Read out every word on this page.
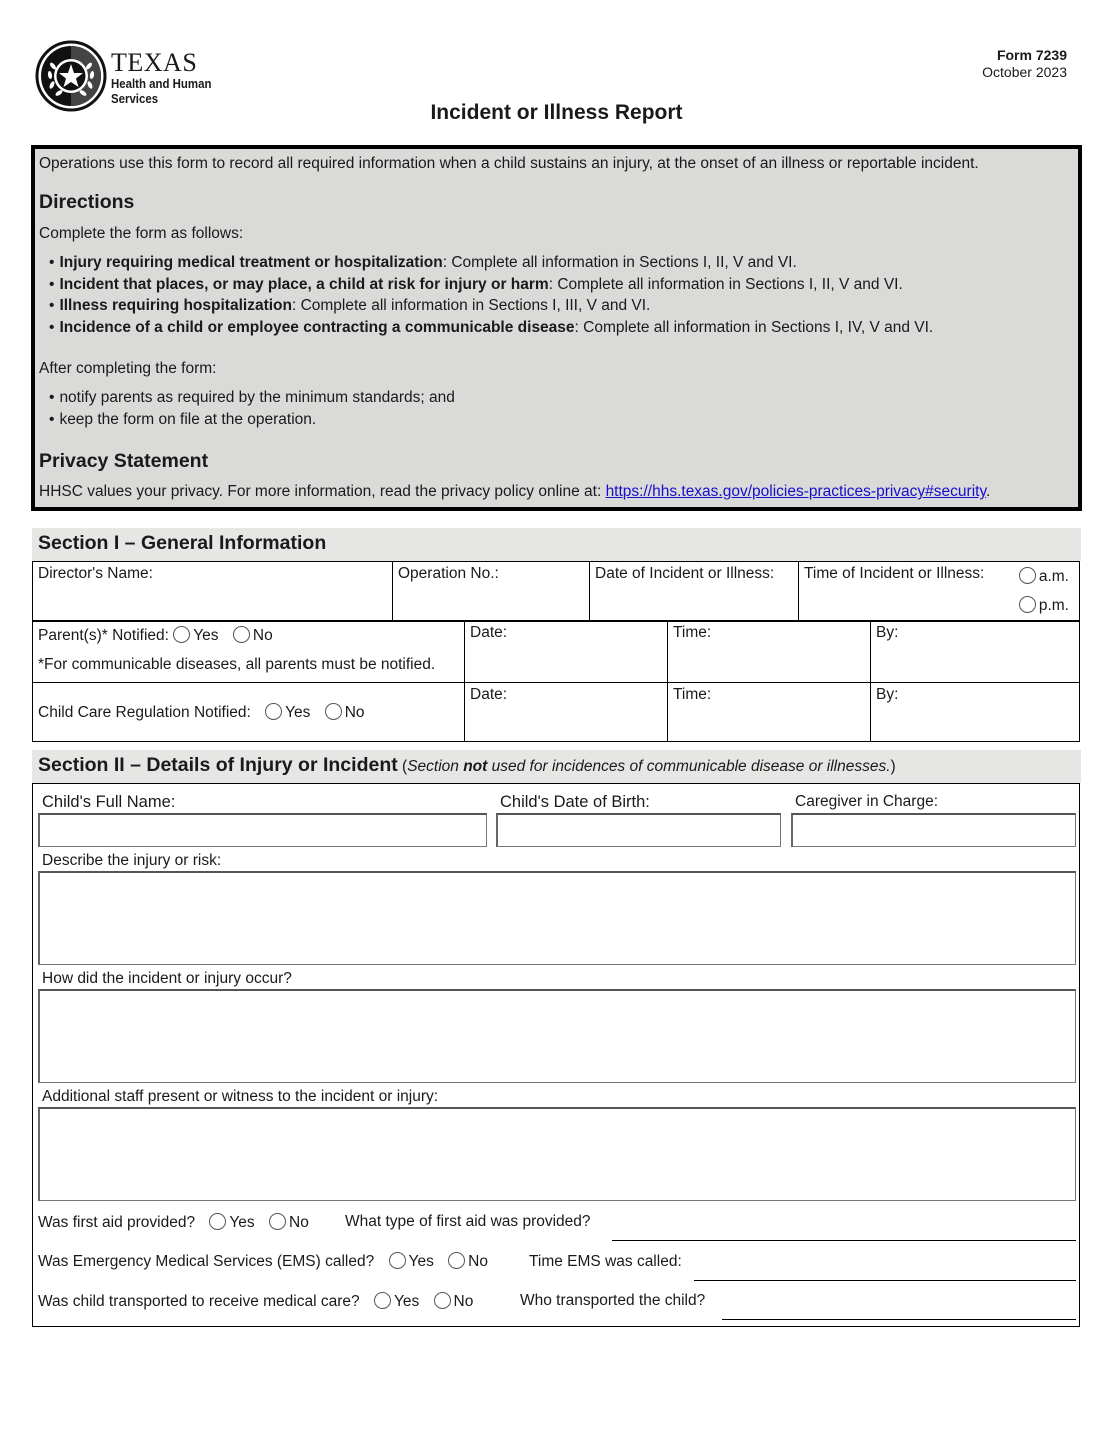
TEXAS
Health and Human
Services
Form 7239
October 2023
Incident or Illness Report

Operations use this form to record all required information when a child sustains an injury, at the onset of an illness or reportable incident.

Directions

Complete the form as follows:

• Injury requiring medical treatment or hospitalization: Complete all information in Sections I, II, V and VI.
• Incident that places, or may place, a child at risk for injury or harm: Complete all information in Sections I, II, V and VI.
• Illness requiring hospitalization: Complete all information in Sections I, III, V and VI.
• Incidence of a child or employee contracting a communicable disease: Complete all information in Sections I, IV, V and VI.

After completing the form:

• notify parents as required by the minimum standards; and
• keep the form on file at the operation.
Privacy Statement

HHSC values your privacy. For more information, read the privacy policy online at: https://hhs.texas.gov/policies-practices-privacy#security.

Section I – General Information
Director's Name:	Operation No.:	Date of Incident or Illness:	Time of Incident or Illness:	a.m.
p.m.
Parent(s)* Notified: Yes No
*For communicable diseases, all parents must be notified.	Date:	Time:	By:
Child Care Regulation Notified: Yes No	Date:	Time:	By:
Section II – Details of Injury or Incident (Section not used for incidences of communicable disease or illnesses.)
Child's Full Name:	Child's Date of Birth:	Caregiver in Charge:
Describe the injury or risk:
How did the incident or injury occur?
Additional staff present or witness to the incident or injury:
Was first aid provided? Yes No What type of first aid was provided?
Was Emergency Medical Services (EMS) called? Yes No	Time EMS was called:
Was child transported to receive medical care? Yes No	Who transported the child?
